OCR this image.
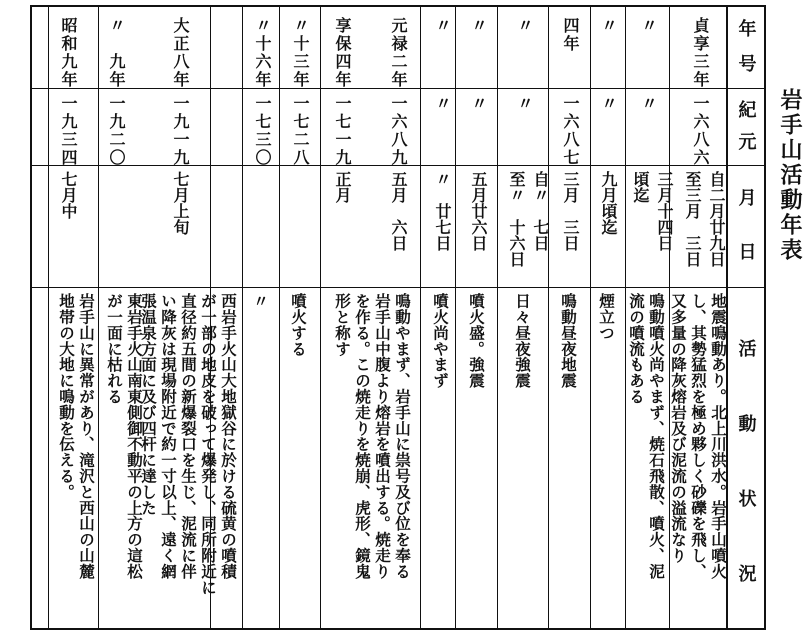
岩手山活動年表
年
号
紀
元
月
日
活
動
状
況
貞享三年
一六八六
自二月廿九日
至三月　三日
地震鳴動あり。北上川洪水。岩手山噴火
し、其勢猛烈を極め夥しく砂礫を飛し、
又多量の降灰熔岩及び泥流の溢流なり
〃
〃
三月十四日
頃迄
鳴動噴火尚やまず、焼石飛散、噴火、泥
流の噴流もある
〃
〃
九月頃迄
煙立つ
四年
一六八七
三月　三日
鳴動昼夜地震
〃
〃
自〃　七日
至〃　十六日
日々昼夜強震
〃
〃
五月廿六日
噴火盛。強震
〃
〃
〃　廿七日
噴火尚やまず
元禄二年
一六八九
五月　六日
鳴動やまず、岩手山に祟号及び位を奉る
岩手山中腹より熔岩を噴出する。焼走り
を作る。この焼走りを焼崩、虎形、鏡鬼
形と称す
享保四年
一七一九
正月
噴火する
〃十三年
一七二八
〃
〃十六年
一七三〇
大正八年
一九一九
七月上旬
西岩手火山大地獄谷に於ける硫黄の噴積
が一部の地皮を破って爆発し、同所附近に
直径約五間の新爆裂口を生じ、泥流に伴
い降灰は現場附近で約一寸以上、遠く網
張温泉方面に及び四杆に達した
〃　九年
一九二〇
東岩手火山南東側御不動平の上方の這松
が一面に枯れる
昭和九年
一九三四
七月中
岩手山に異常があり、滝沢と西山の山麓
地帯の大地に鳴動を伝える。
